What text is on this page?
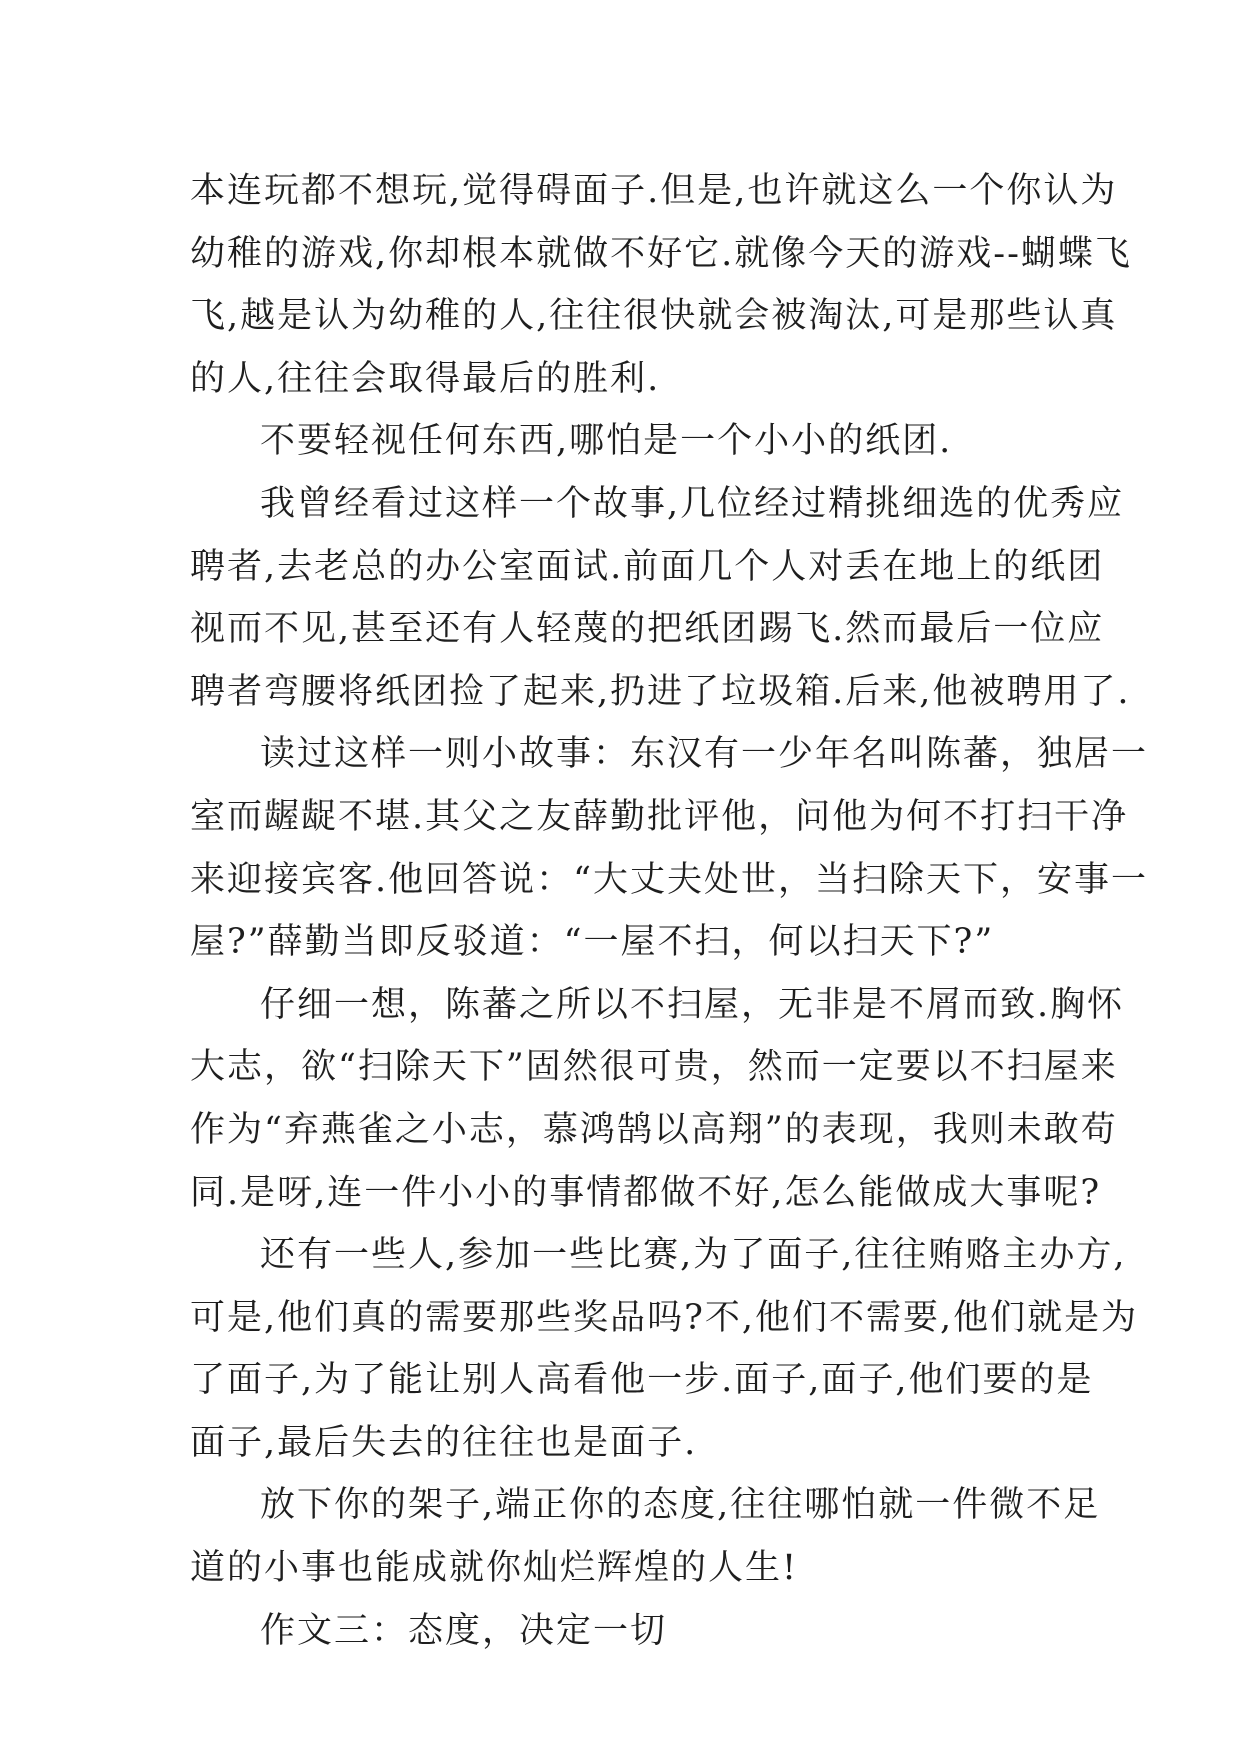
本连玩都不想玩,觉得碍面子.但是,也许就这么一个你认为
幼稚的游戏,你却根本就做不好它.就像今天的游戏--蝴蝶飞
飞,越是认为幼稚的人,往往很快就会被淘汰,可是那些认真
的人,往往会取得最后的胜利.

不要轻视任何东西,哪怕是一个小小的纸团.

我曾经看过这样一个故事,几位经过精挑细选的优秀应
聘者,去老总的办公室面试.前面几个人对丢在地上的纸团
视而不见,甚至还有人轻蔑的把纸团踢飞.然而最后一位应
聘者弯腰将纸团捡了起来,扔进了垃圾箱.后来,他被聘用了.

读过这样一则小故事：东汉有一少年名叫陈蕃，独居一
室而龌龊不堪.其父之友薛勤批评他，问他为何不打扫干净
来迎接宾客.他回答说：“大丈夫处世，当扫除天下，安事一
屋?”薛勤当即反驳道：“一屋不扫，何以扫天下?”

仔细一想，陈蕃之所以不扫屋，无非是不屑而致.胸怀
大志，欲“扫除天下”固然很可贵，然而一定要以不扫屋来
作为“弃燕雀之小志，慕鸿鹄以高翔”的表现，我则未敢苟
同.是呀,连一件小小的事情都做不好,怎么能做成大事呢?

还有一些人,参加一些比赛,为了面子,往往贿赂主办方,
可是,他们真的需要那些奖品吗?不,他们不需要,他们就是为
了面子,为了能让别人高看他一步.面子,面子,他们要的是
面子,最后失去的往往也是面子.

放下你的架子,端正你的态度,往往哪怕就一件微不足
道的小事也能成就你灿烂辉煌的人生!

作文三：态度，决定一切
